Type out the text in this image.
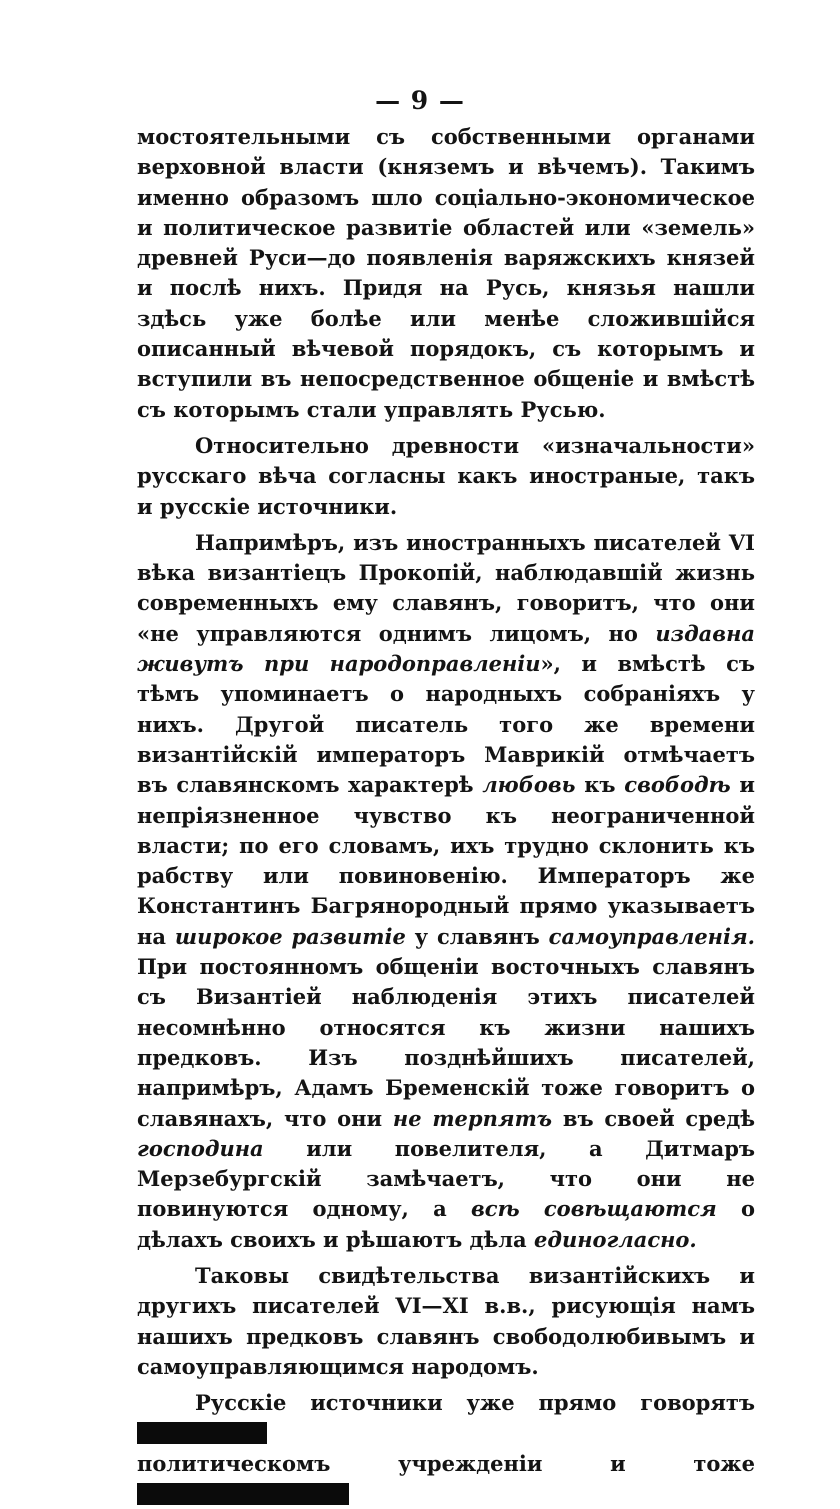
— 9 —

мостоятельными съ собственными органами верховной власти (княземъ и вѣчемъ). Такимъ именно образомъ шло соціально-экономическое и политическое развитіе областей или «земель» древней Руси—до появленія варяжскихъ князей и послѣ нихъ. Придя на Русь, князья нашли здѣсь уже болѣе или менѣе сложившійся описанный вѣчевой порядокъ, съ которымъ и вступили въ непосредственное общеніе и вмѣстѣ съ которымъ стали управлять Русью.

Относительно древности «изначальности» русскаго вѣча согласны какъ иностраные, такъ и русскіе источники.

Напримѣръ, изъ иностранныхъ писателей VI вѣка византіецъ Прокопій, наблюдавшій жизнь современныхъ ему славянъ, говоритъ, что они «не управляются однимъ лицомъ, но издавна живутъ при народоправленіи», и вмѣстѣ съ тѣмъ упоминаетъ о народныхъ собраніяхъ у нихъ. Другой писатель того же времени византійскій императоръ Маврикій отмѣчаетъ въ славянскомъ характерѣ любовь къ свободѣ и непріязненное чувство къ неограниченной власти; по его словамъ, ихъ трудно склонить къ рабству или повиновенію. Императоръ же Константинъ Багрянородный прямо указываетъ на широкое развитіе у славянъ самоуправленія. При постоянномъ общеніи восточныхъ славянъ съ Византіей наблюденія этихъ писателей несомнѣнно относятся къ жизни нашихъ предковъ. Изъ позднѣйшихъ писателей, напримѣръ, Адамъ Бременскій тоже говоритъ о славянахъ, что они не терпятъ въ своей средѣ господина или повелителя, а Дитмаръ Мерзебургскій замѣчаетъ, что они не повинуются одному, а всѣ совѣщаются о дѣлахъ своихъ и рѣшаютъ дѣла единогласно.

Таковы свидѣтельства византійскихъ и другихъ писателей VI—XI в.в., рисующія намъ нашихъ предковъ славянъ свободолюбивымъ и самоуправляющимся народомъ.

Русскіе источники уже прямо говорятъ
политическомъ учрежденіи и тоже
